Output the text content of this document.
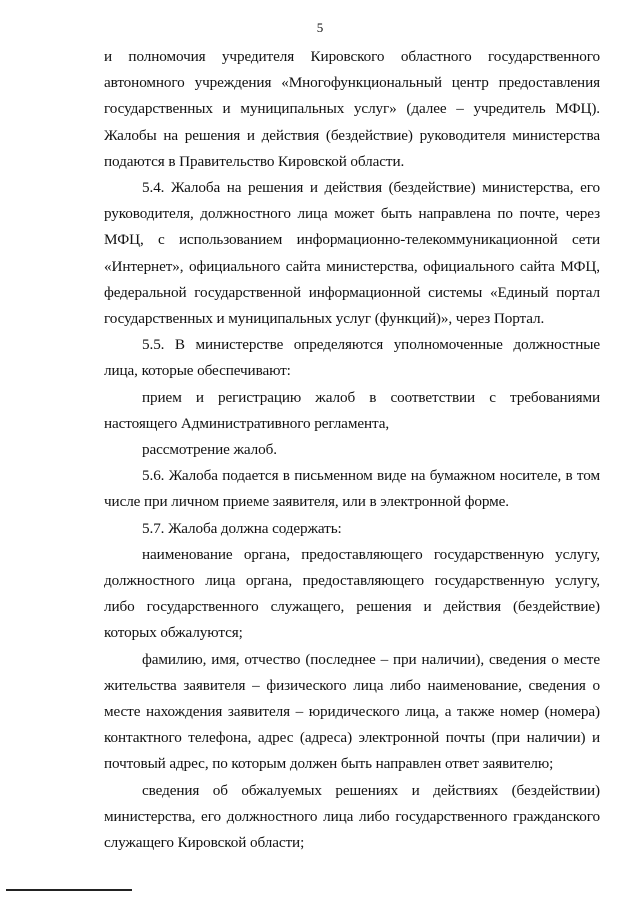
5

и полномочия учредителя Кировского областного государственного автономного учреждения «Многофункциональный центр предоставления государственных и муниципальных услуг» (далее – учредитель МФЦ). Жалобы на решения и действия (бездействие) руководителя министерства подаются в Правительство Кировской области.

5.4. Жалоба на решения и действия (бездействие) министерства, его руководителя, должностного лица может быть направлена по почте, через МФЦ, с использованием информационно-телекоммуникационной сети «Интернет», официального сайта министерства, официального сайта МФЦ, федеральной государственной информационной системы «Единый портал государственных и муниципальных услуг (функций)», через Портал.

5.5. В министерстве определяются уполномоченные должностные лица, которые обеспечивают:

прием и регистрацию жалоб в соответствии с требованиями настоящего Административного регламента,

рассмотрение жалоб.

5.6. Жалоба подается в письменном виде на бумажном носителе, в том числе при личном приеме заявителя, или в электронной форме.

5.7. Жалоба должна содержать:

наименование органа, предоставляющего государственную услугу, должностного лица органа, предоставляющего государственную услугу, либо государственного служащего, решения и действия (бездействие) которых обжалуются;

фамилию, имя, отчество (последнее – при наличии), сведения о месте жительства заявителя – физического лица либо наименование, сведения о месте нахождения заявителя – юридического лица, а также номер (номера) контактного телефона, адрес (адреса) электронной почты (при наличии) и почтовый адрес, по которым должен быть направлен ответ заявителю;

сведения об обжалуемых решениях и действиях (бездействии) министерства, его должностного лица либо государственного гражданского служащего Кировской области;
